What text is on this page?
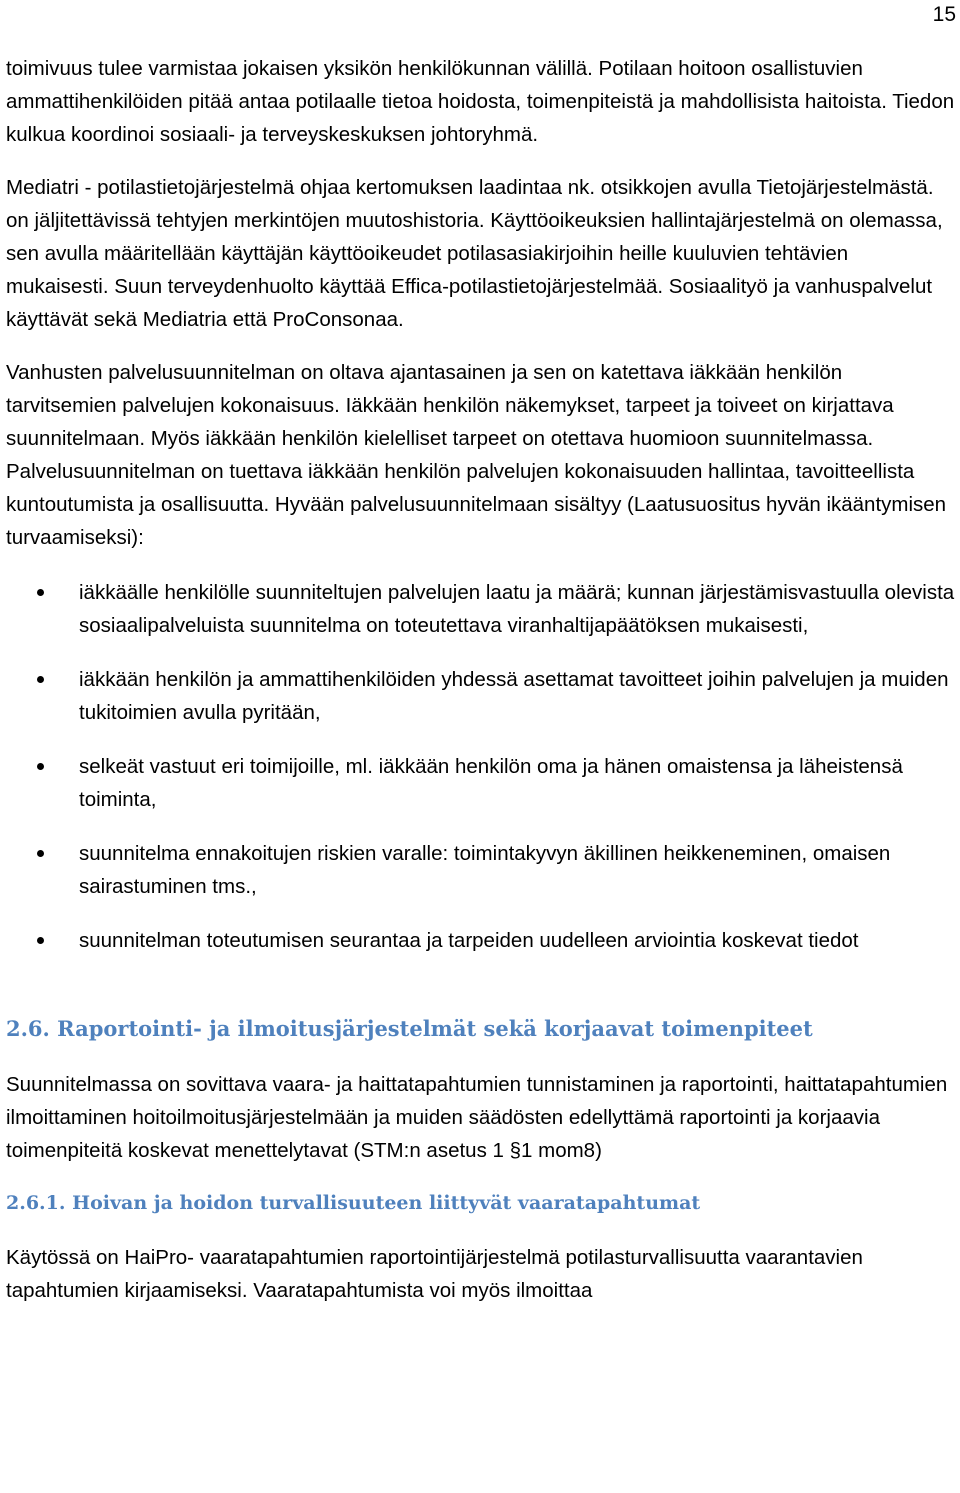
15

toimivuus tulee varmistaa jokaisen yksikön henkilökunnan välillä. Potilaan hoitoon osallistuvien ammattihenkilöiden pitää antaa potilaalle tietoa hoidosta, toimenpiteistä ja mahdollisista haitoista. Tiedon kulkua koordinoi sosiaali- ja terveyskeskuksen johtoryhmä.

Mediatri - potilastietojärjestelmä ohjaa kertomuksen laadintaa nk. otsikkojen avulla Tietojärjestelmästä. on jäljitettävissä tehtyjen merkintöjen muutoshistoria. Käyttöoikeuksien hallintajärjestelmä on olemassa, sen avulla määritellään käyttäjän käyttöoikeudet potilasasiakirjoihin heille kuuluvien tehtävien mukaisesti. Suun terveydenhuolto käyttää Effica-potilastietojärjestelmää. Sosiaalityö ja vanhuspalvelut käyttävät sekä Mediatria että ProConsonaa.

Vanhusten palvelusuunnitelman on oltava ajantasainen ja sen on katettava iäkkään henkilön tarvitsemien palvelujen kokonaisuus. Iäkkään henkilön näkemykset, tarpeet ja toiveet on kirjattava suunnitelmaan. Myös iäkkään henkilön kielelliset tarpeet on otettava huomioon suunnitelmassa. Palvelusuunnitelman on tuettava iäkkään henkilön palvelujen kokonaisuuden hallintaa, tavoitteellista kuntoutumista ja osallisuutta. Hyvään palvelusuunnitelmaan sisältyy (Laatusuositus hyvän ikääntymisen turvaamiseksi):

iäkkäälle henkilölle suunniteltujen palvelujen laatu ja määrä; kunnan järjestämisvastuulla olevista sosiaalipalveluista suunnitelma on toteutettava viranhaltijapäätöksen mukaisesti,
iäkkään henkilön ja ammattihenkilöiden yhdessä asettamat tavoitteet joihin palvelujen ja muiden tukitoimien avulla pyritään,
selkeät vastuut eri toimijoille, ml. iäkkään henkilön oma ja hänen omaistensa ja läheistensä toiminta,
suunnitelma ennakoitujen riskien varalle: toimintakyvyn äkillinen heikkeneminen, omaisen sairastuminen tms.,
suunnitelman toteutumisen seurantaa ja tarpeiden uudelleen arviointia koskevat tiedot
2.6. Raportointi- ja ilmoitusjärjestelmät sekä korjaavat toimenpiteet

Suunnitelmassa on sovittava vaara- ja haittatapahtumien tunnistaminen ja raportointi, haittatapahtumien ilmoittaminen hoitoilmoitusjärjestelmään ja muiden säädösten edellyttämä raportointi ja korjaavia toimenpiteitä koskevat menettelytavat (STM:n asetus 1 §1 mom8)

2.6.1. Hoivan ja hoidon turvallisuuteen liittyvät vaaratapahtumat

Käytössä on HaiPro- vaaratapahtumien raportointijärjestelmä potilasturvallisuutta vaarantavien tapahtumien kirjaamiseksi. Vaaratapahtumista voi myös ilmoittaa
